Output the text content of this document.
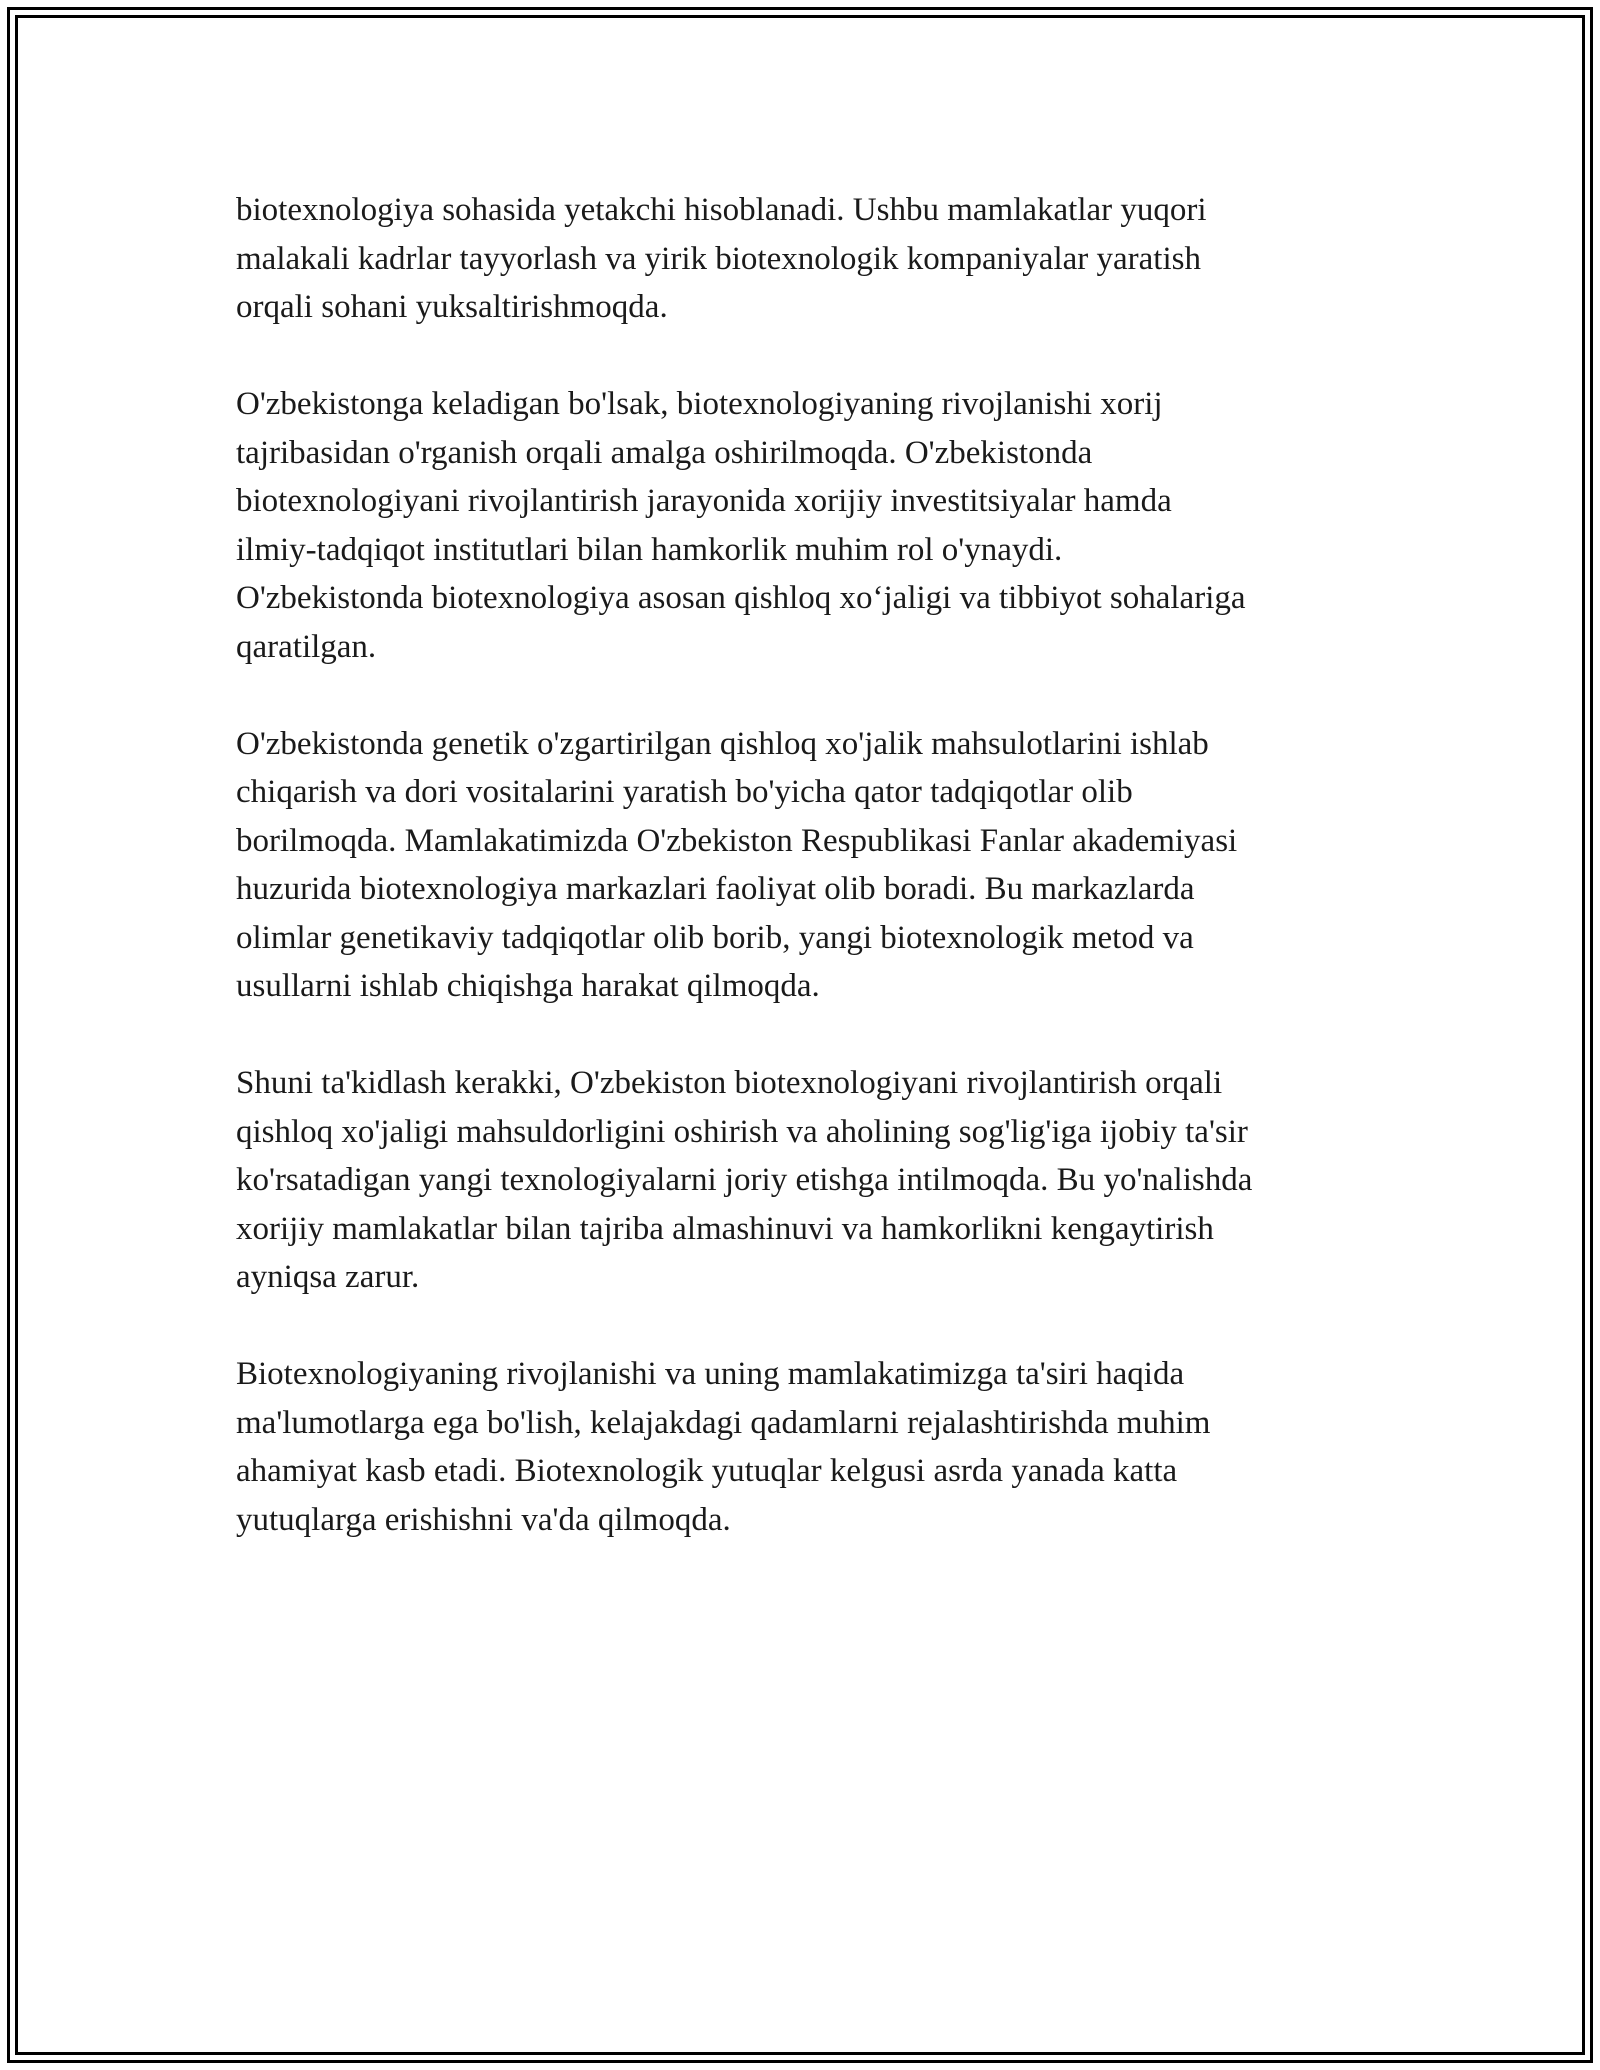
biotexnologiya sohasida yetakchi hisoblanadi. Ushbu mamlakatlar yuqori
malakali kadrlar tayyorlash va yirik biotexnologik kompaniyalar yaratish
orqali sohani yuksaltirishmoqda.
O'zbekistonga keladigan bo'lsak, biotexnologiyaning rivojlanishi xorij
tajribasidan o'rganish orqali amalga oshirilmoqda. O'zbekistonda
biotexnologiyani rivojlantirish jarayonida xorijiy investitsiyalar hamda
ilmiy-tadqiqot institutlari bilan hamkorlik muhim rol o'ynaydi.
O'zbekistonda biotexnologiya asosan qishloq xo‘jaligi va tibbiyot sohalariga
qaratilgan.
O'zbekistonda genetik o'zgartirilgan qishloq xo'jalik mahsulotlarini ishlab
chiqarish va dori vositalarini yaratish bo'yicha qator tadqiqotlar olib
borilmoqda. Mamlakatimizda O'zbekiston Respublikasi Fanlar akademiyasi
huzurida biotexnologiya markazlari faoliyat olib boradi. Bu markazlarda
olimlar genetikaviy tadqiqotlar olib borib, yangi biotexnologik metod va
usullarni ishlab chiqishga harakat qilmoqda.
Shuni ta'kidlash kerakki, O'zbekiston biotexnologiyani rivojlantirish orqali
qishloq xo'jaligi mahsuldorligini oshirish va aholining sog'lig'iga ijobiy ta'sir
ko'rsatadigan yangi texnologiyalarni joriy etishga intilmoqda. Bu yo'nalishda
xorijiy mamlakatlar bilan tajriba almashinuvi va hamkorlikni kengaytirish
ayniqsa zarur.
Biotexnologiyaning rivojlanishi va uning mamlakatimizga ta'siri haqida
ma'lumotlarga ega bo'lish, kelajakdagi qadamlarni rejalashtirishda muhim
ahamiyat kasb etadi. Biotexnologik yutuqlar kelgusi asrda yanada katta
yutuqlarga erishishni va'da qilmoqda.
